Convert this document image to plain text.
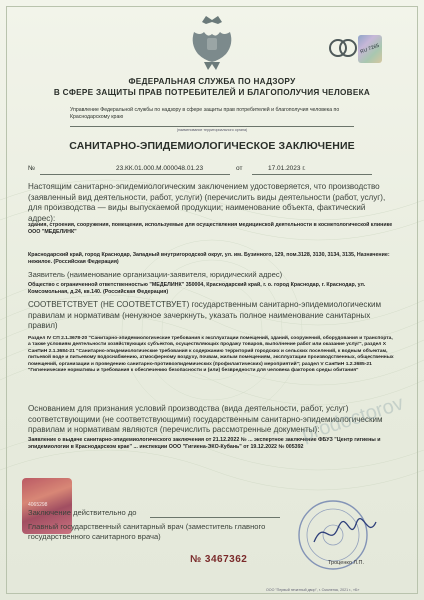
RU 7265
ФЕДЕРАЛЬНАЯ СЛУЖБА ПО НАДЗОРУ
В СФЕРЕ ЗАЩИТЫ ПРАВ ПОТРЕБИТЕЛЕЙ И БЛАГОПОЛУЧИЯ ЧЕЛОВЕКА
Управление Федеральной службы по надзору в сфере защиты прав потребителей и благополучия человека по Краснодарскому краю
(наименование территориального органа)
САНИТАРНО-ЭПИДЕМИОЛОГИЧЕСКОЕ ЗАКЛЮЧЕНИЕ
№	23.КК.01.000.М.000048.01.23	от	17.01.2023 г.
Настоящим санитарно-эпидемиологическим заключением удостоверяется, что производство (заявленный вид деятельности, работ, услуги) (перечислить виды деятельности (работ, услуг), для производства — виды выпускаемой продукции; наименование объекта, фактический адрес):
здания, строения, сооружения, помещения, используемые для осуществления медицинской деятельности в косметологической клинике ООО "МЕДЕЛИНК"
Краснодарский край, город Краснодар, Западный внутригородской округ, ул. им. Бузинного, 129, пом.3128, 3130, 3134, 3135, Назначение: нежилое. (Российская Федерация)
Заявитель (наименование организации-заявителя, юридический адрес)
Общество с ограниченной ответственностью "МЕДЕЛИНК" 350004, Краснодарский край, г. о. город Краснодар, г. Краснодар, ул. Комсомольная, д.24, кв.140. (Российская Федерация)
СООТВЕТСТВУЕТ (НЕ СООТВЕТСТВУЕТ) государственным санитарно-эпидемиологическим правилам и нормативам (ненужное зачеркнуть, указать полное наименование санитарных правил)
Раздел IV СП 2.1.3678-20 "Санитарно-эпидемиологические требования к эксплуатации помещений, зданий, сооружений, оборудования и транспорта, а также условиям деятельности хозяйствующих субъектов, осуществляющих продажу товаров, выполнение работ или оказание услуг", раздел Х СанПиН 2.1.3684-21 "Санитарно-эпидемиологические требования к содержанию территорий городских и сельских поселений, к водным объектам, питьевой воде и питьевому водоснабжению, атмосферному воздуху, почвам, жилым помещениям, эксплуатации производственных, общественных помещений, организации и проведению санитарно-противоэпидемических (профилактических) мероприятий"; раздел V СанПиН 1.2.3685-21 "Гигиенические нормативы и требования к обеспечению безопасности и (или) безвредности для человека факторов среды обитания"
Основанием для признания условий производства (вида деятельности, работ, услуг) соответствующими (не соответствующими) государственным санитарно-эпидемиологическим правилам и нормативам являются (перечислить рассмотренные документы):
Заявление о выдаче санитарно-эпидемиологического заключения от 21.12.2022 № ... экспертное заключение ФБУЗ "Центр гигиены и эпидемиологии в Краснодарском крае" ... инспекции ООО "Гигиена-ЭКО-Кубань" от 19.12.2022 № 005392
prodoctorov
4065298
Заключение действительно до
Главный государственный санитарный врач (заместитель главного государственного санитарного врача)
Троценко Л.П.
№ 3467362
ООО "Первый печатный двор", г. Смоленск, 2021 г., «Б»
